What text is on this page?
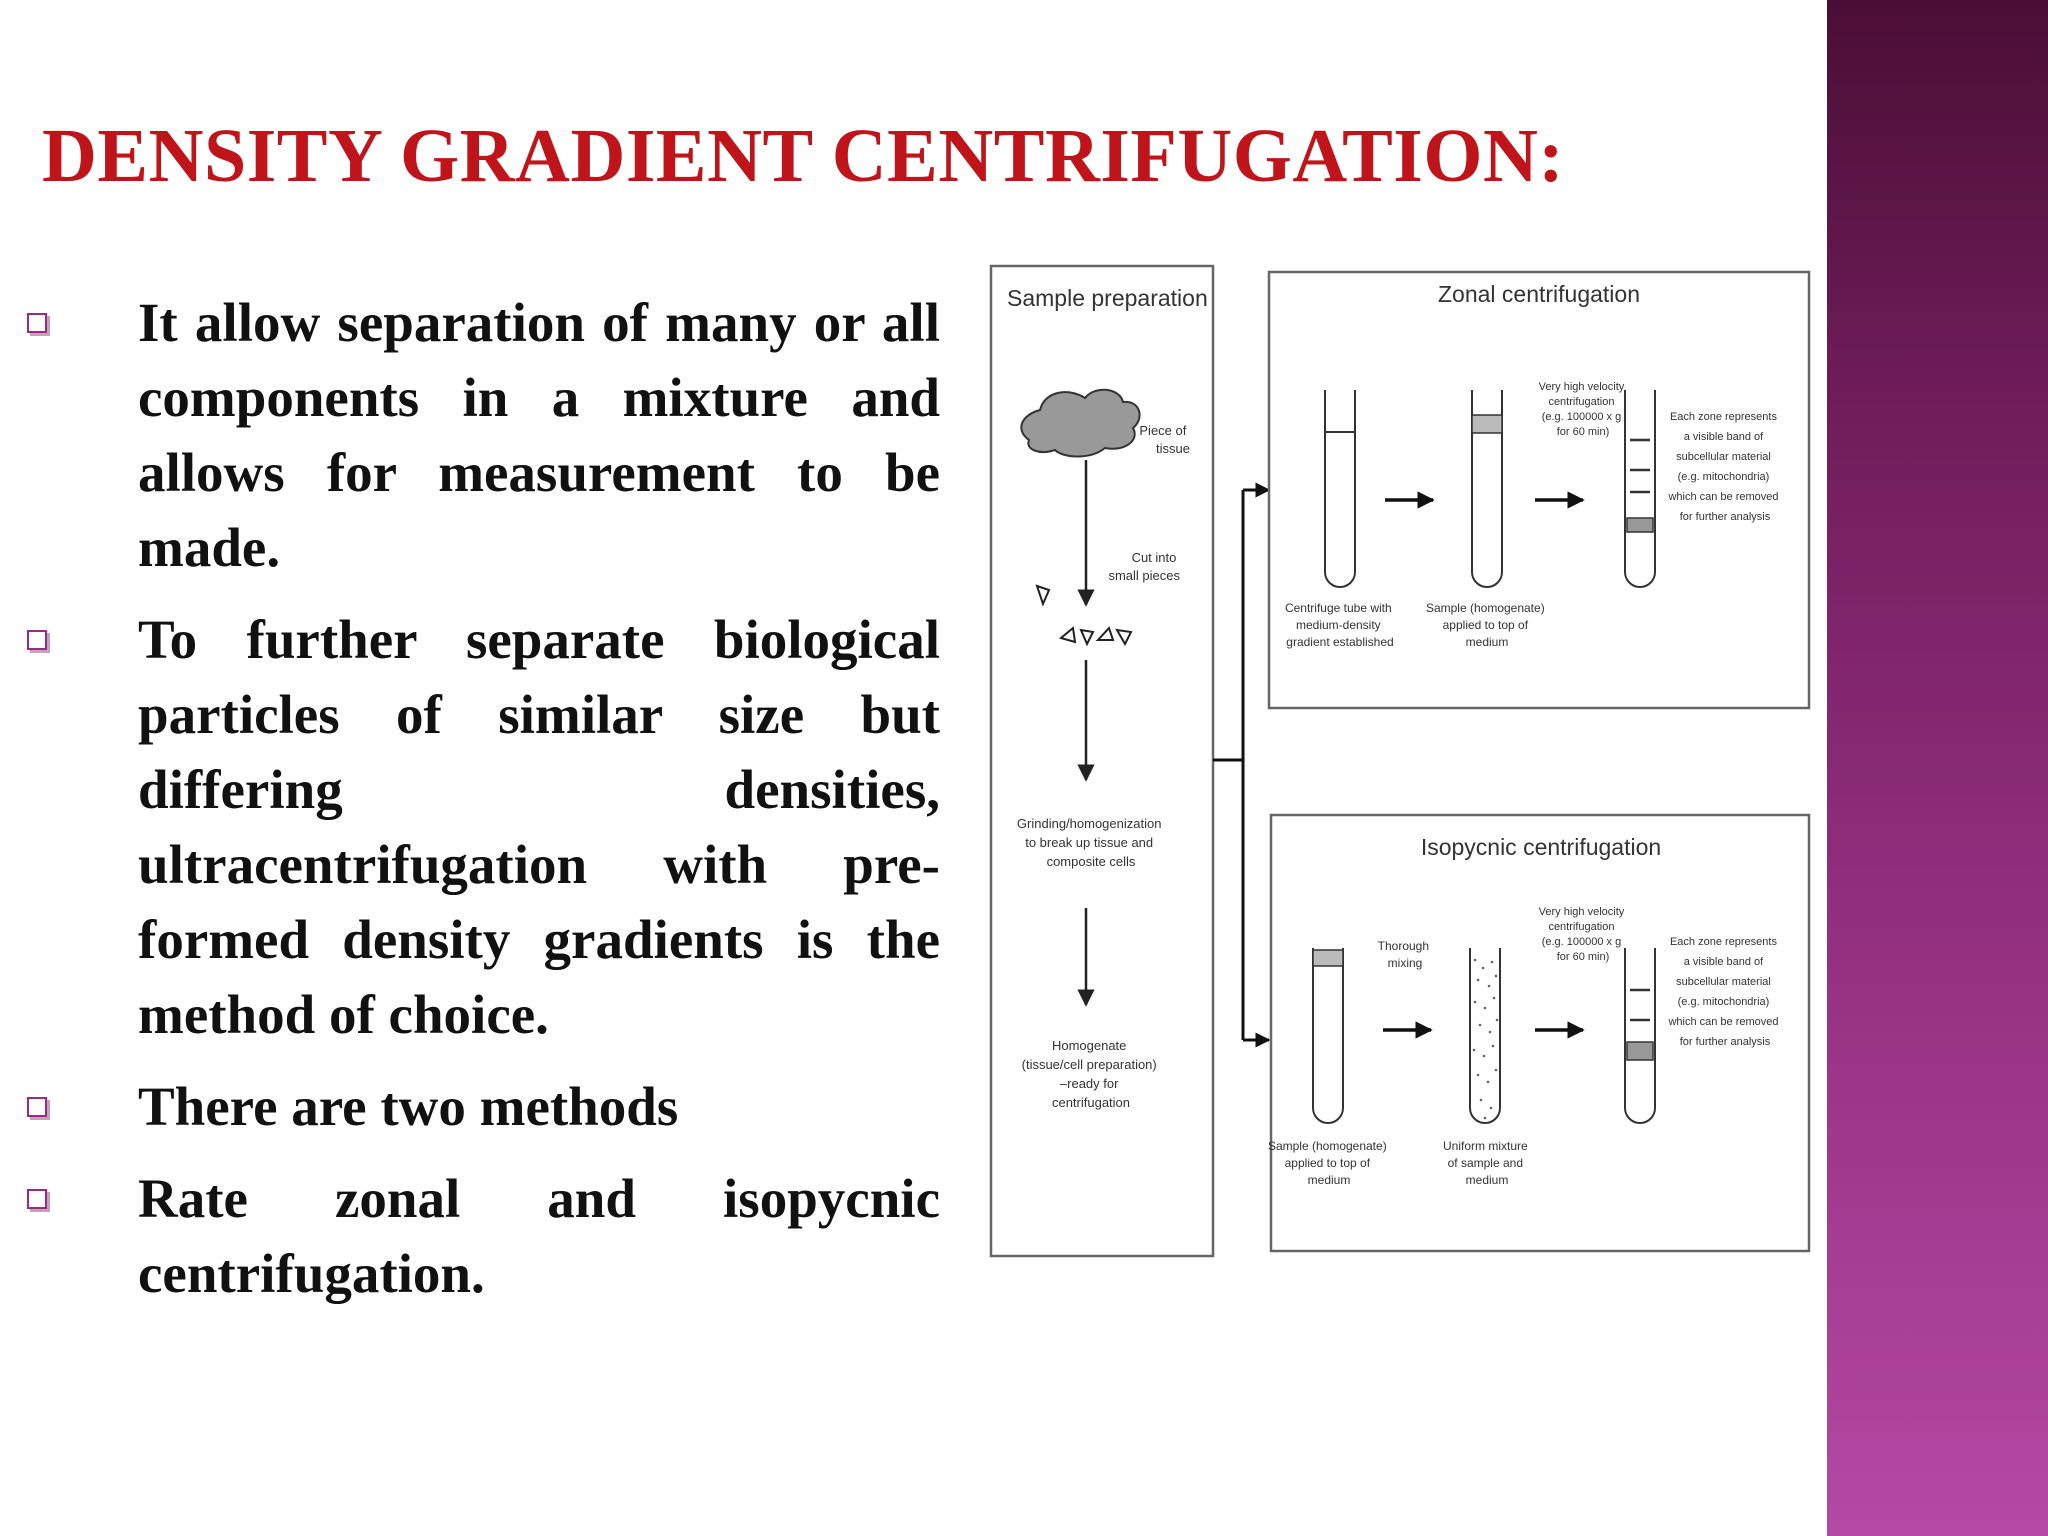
DENSITY GRADIENT CENTRIFUGATION:
It allow separation of many or all components in a mixture and allows for measurement to be made.
To further separate biological particles of similar size but differing densities, ultracentrifugation with pre-formed density gradients is the method of choice.
There are two methods
Rate zonal and isopycnic centrifugation.
Sample preparation
Piece of tissue
Cut into small pieces
Grinding/homogenization to break up tissue and composite cells
Homogenate (tissue/cell preparation) –ready for centrifugation
Zonal centrifugation
Centrifuge tube with medium-density gradient established
Sample (homogenate) applied to top of medium
Very high velocity centrifugation (e.g. 100000 x g for 60 min)
Each zone represents a visible band of subcellular material (e.g. mitochondria) which can be removed for further analysis
Isopycnic centrifugation
Sample (homogenate) applied to top of medium
Thorough mixing
Uniform mixture of sample and medium
Very high velocity centrifugation (e.g. 100000 x g for 60 min)
Each zone represents a visible band of subcellular material (e.g. mitochondria) which can be removed for further analysis
